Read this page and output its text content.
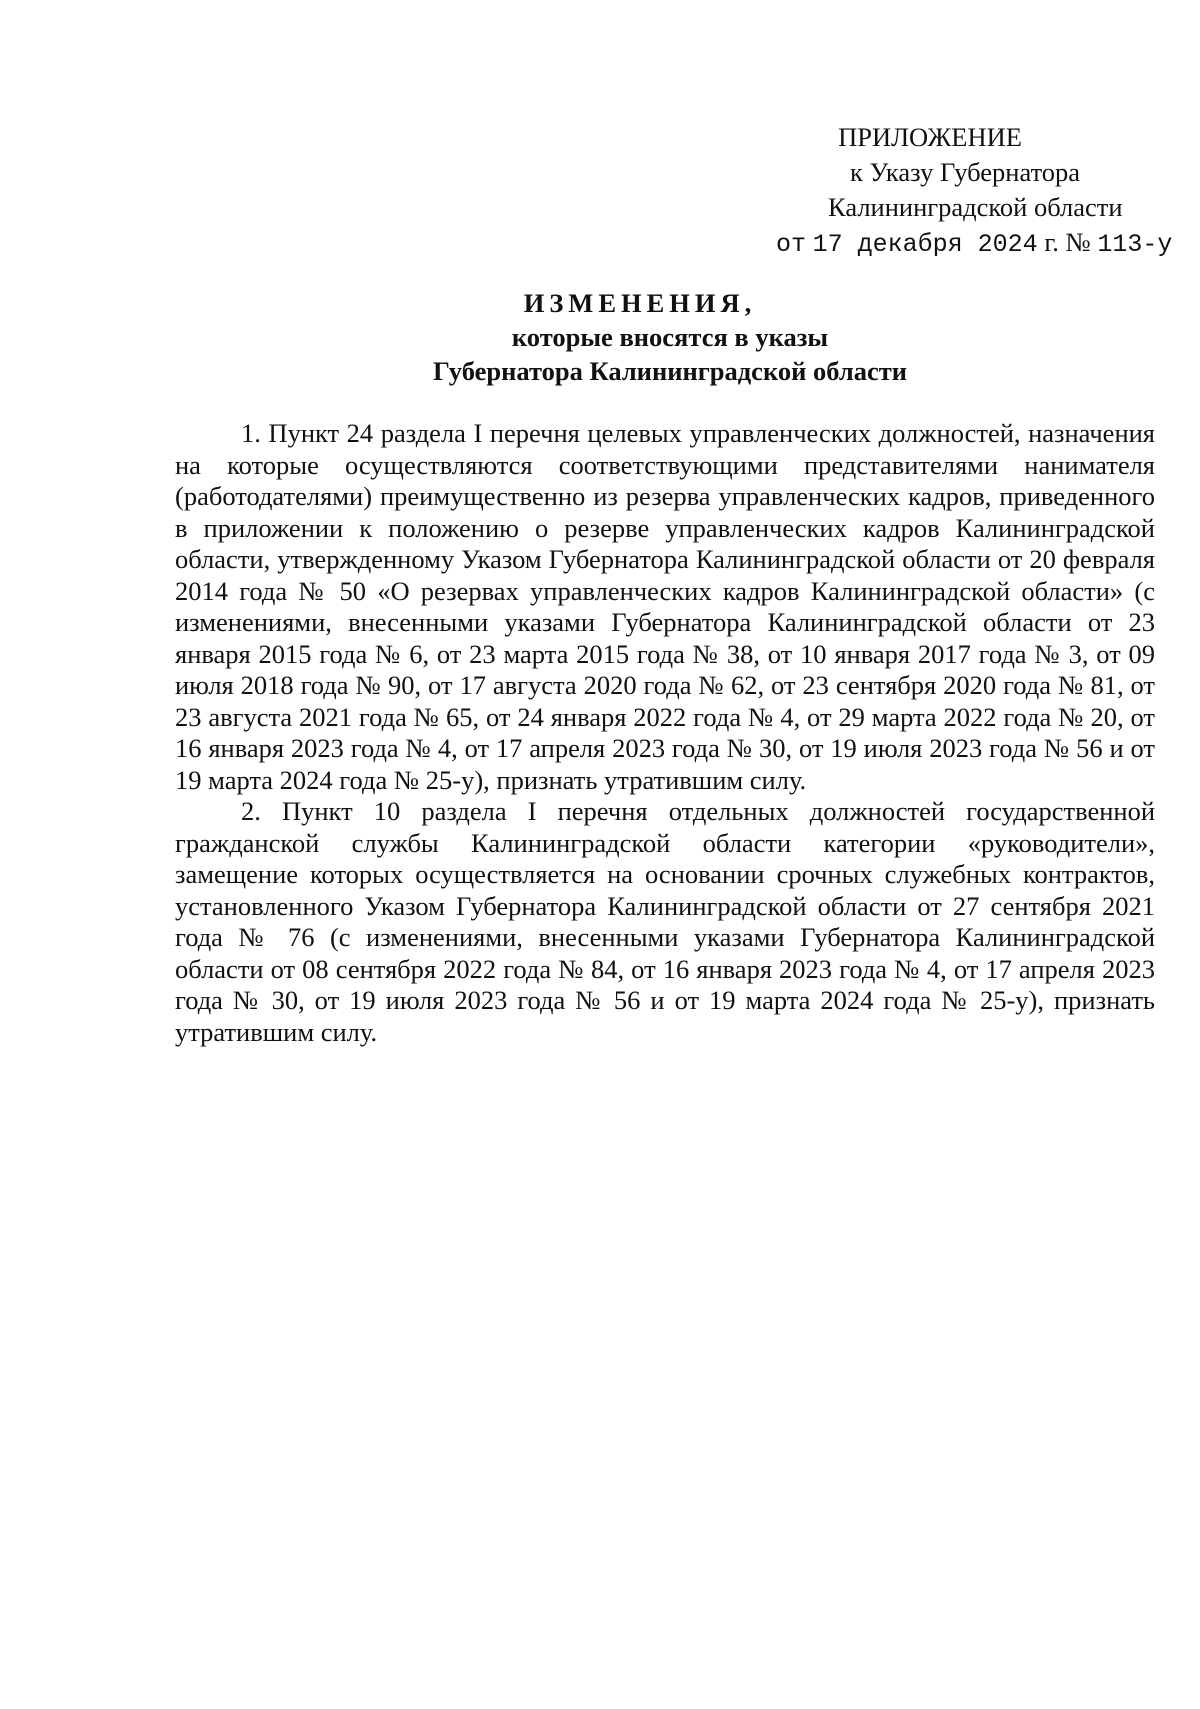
ПРИЛОЖЕНИЕ
к Указу Губернатора
Калининградской области
от 17 декабря 2024 г. № 113-у
ИЗМЕНЕНИЯ,
которые вносятся в указы
Губернатора Калининградской области

1. Пункт 24 раздела I перечня целевых управленческих должностей, назначения на которые осуществляются соответствующими представителями нанимателя (работодателями) преимущественно из резерва управленческих кадров, приведенного в приложении к положению о резерве управленческих кадров Калининградской области, утвержденному Указом Губернатора Калининградской области от 20 февраля 2014 года № 50 «О резервах управленческих кадров Калининградской области» (с изменениями, внесенными указами Губернатора Калининградской области от 23 января 2015 года № 6, от 23 марта 2015 года № 38, от 10 января 2017 года № 3, от 09 июля 2018 года № 90, от 17 августа 2020 года № 62, от 23 сентября 2020 года № 81, от 23 августа 2021 года № 65, от 24 января 2022 года № 4, от 29 марта 2022 года № 20, от 16 января 2023 года № 4, от 17 апреля 2023 года № 30, от 19 июля 2023 года № 56 и от 19 марта 2024 года № 25-у), признать утратившим силу.

2. Пункт 10 раздела I перечня отдельных должностей государственной гражданской службы Калининградской области категории «руководители», замещение которых осуществляется на основании срочных служебных контрактов, установленного Указом Губернатора Калининградской области от 27 сентября 2021 года № 76 (с изменениями, внесенными указами Губернатора Калининградской области от 08 сентября 2022 года № 84, от 16 января 2023 года № 4, от 17 апреля 2023 года № 30, от 19 июля 2023 года № 56 и от 19 марта 2024 года № 25-у), признать утратившим силу.
